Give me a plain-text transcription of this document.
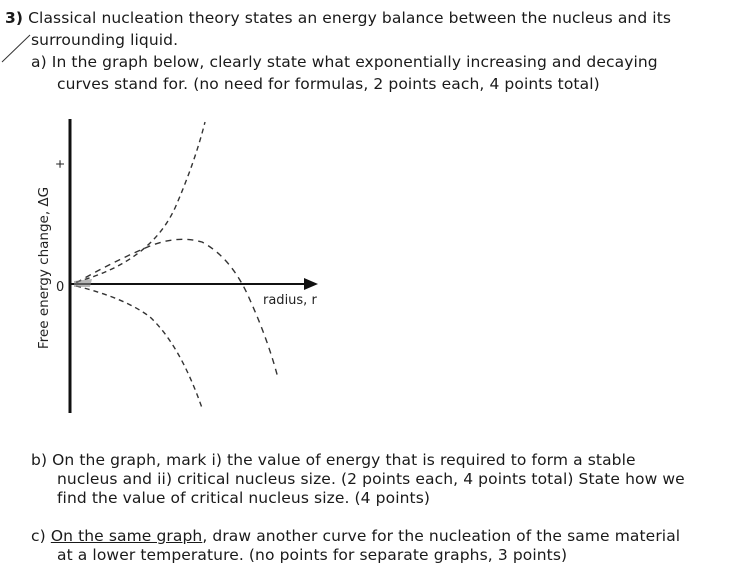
3) Classical nucleation theory states an energy balance between the nucleus and its
surrounding liquid.
a) In the graph below, clearly state what exponentially increasing and decaying
curves stand for. (no need for formulas, 2 points each, 4 points total)
Free energy change, ΔG
+
0
radius, r
b) On the graph, mark i) the value of energy that is required to form a stable
nucleus and ii) critical nucleus size. (2 points each, 4 points total) State how we
find the value of critical nucleus size. (4 points)
c) On the same graph, draw another curve for the nucleation of the same material
at a lower temperature. (no points for separate graphs, 3 points)
